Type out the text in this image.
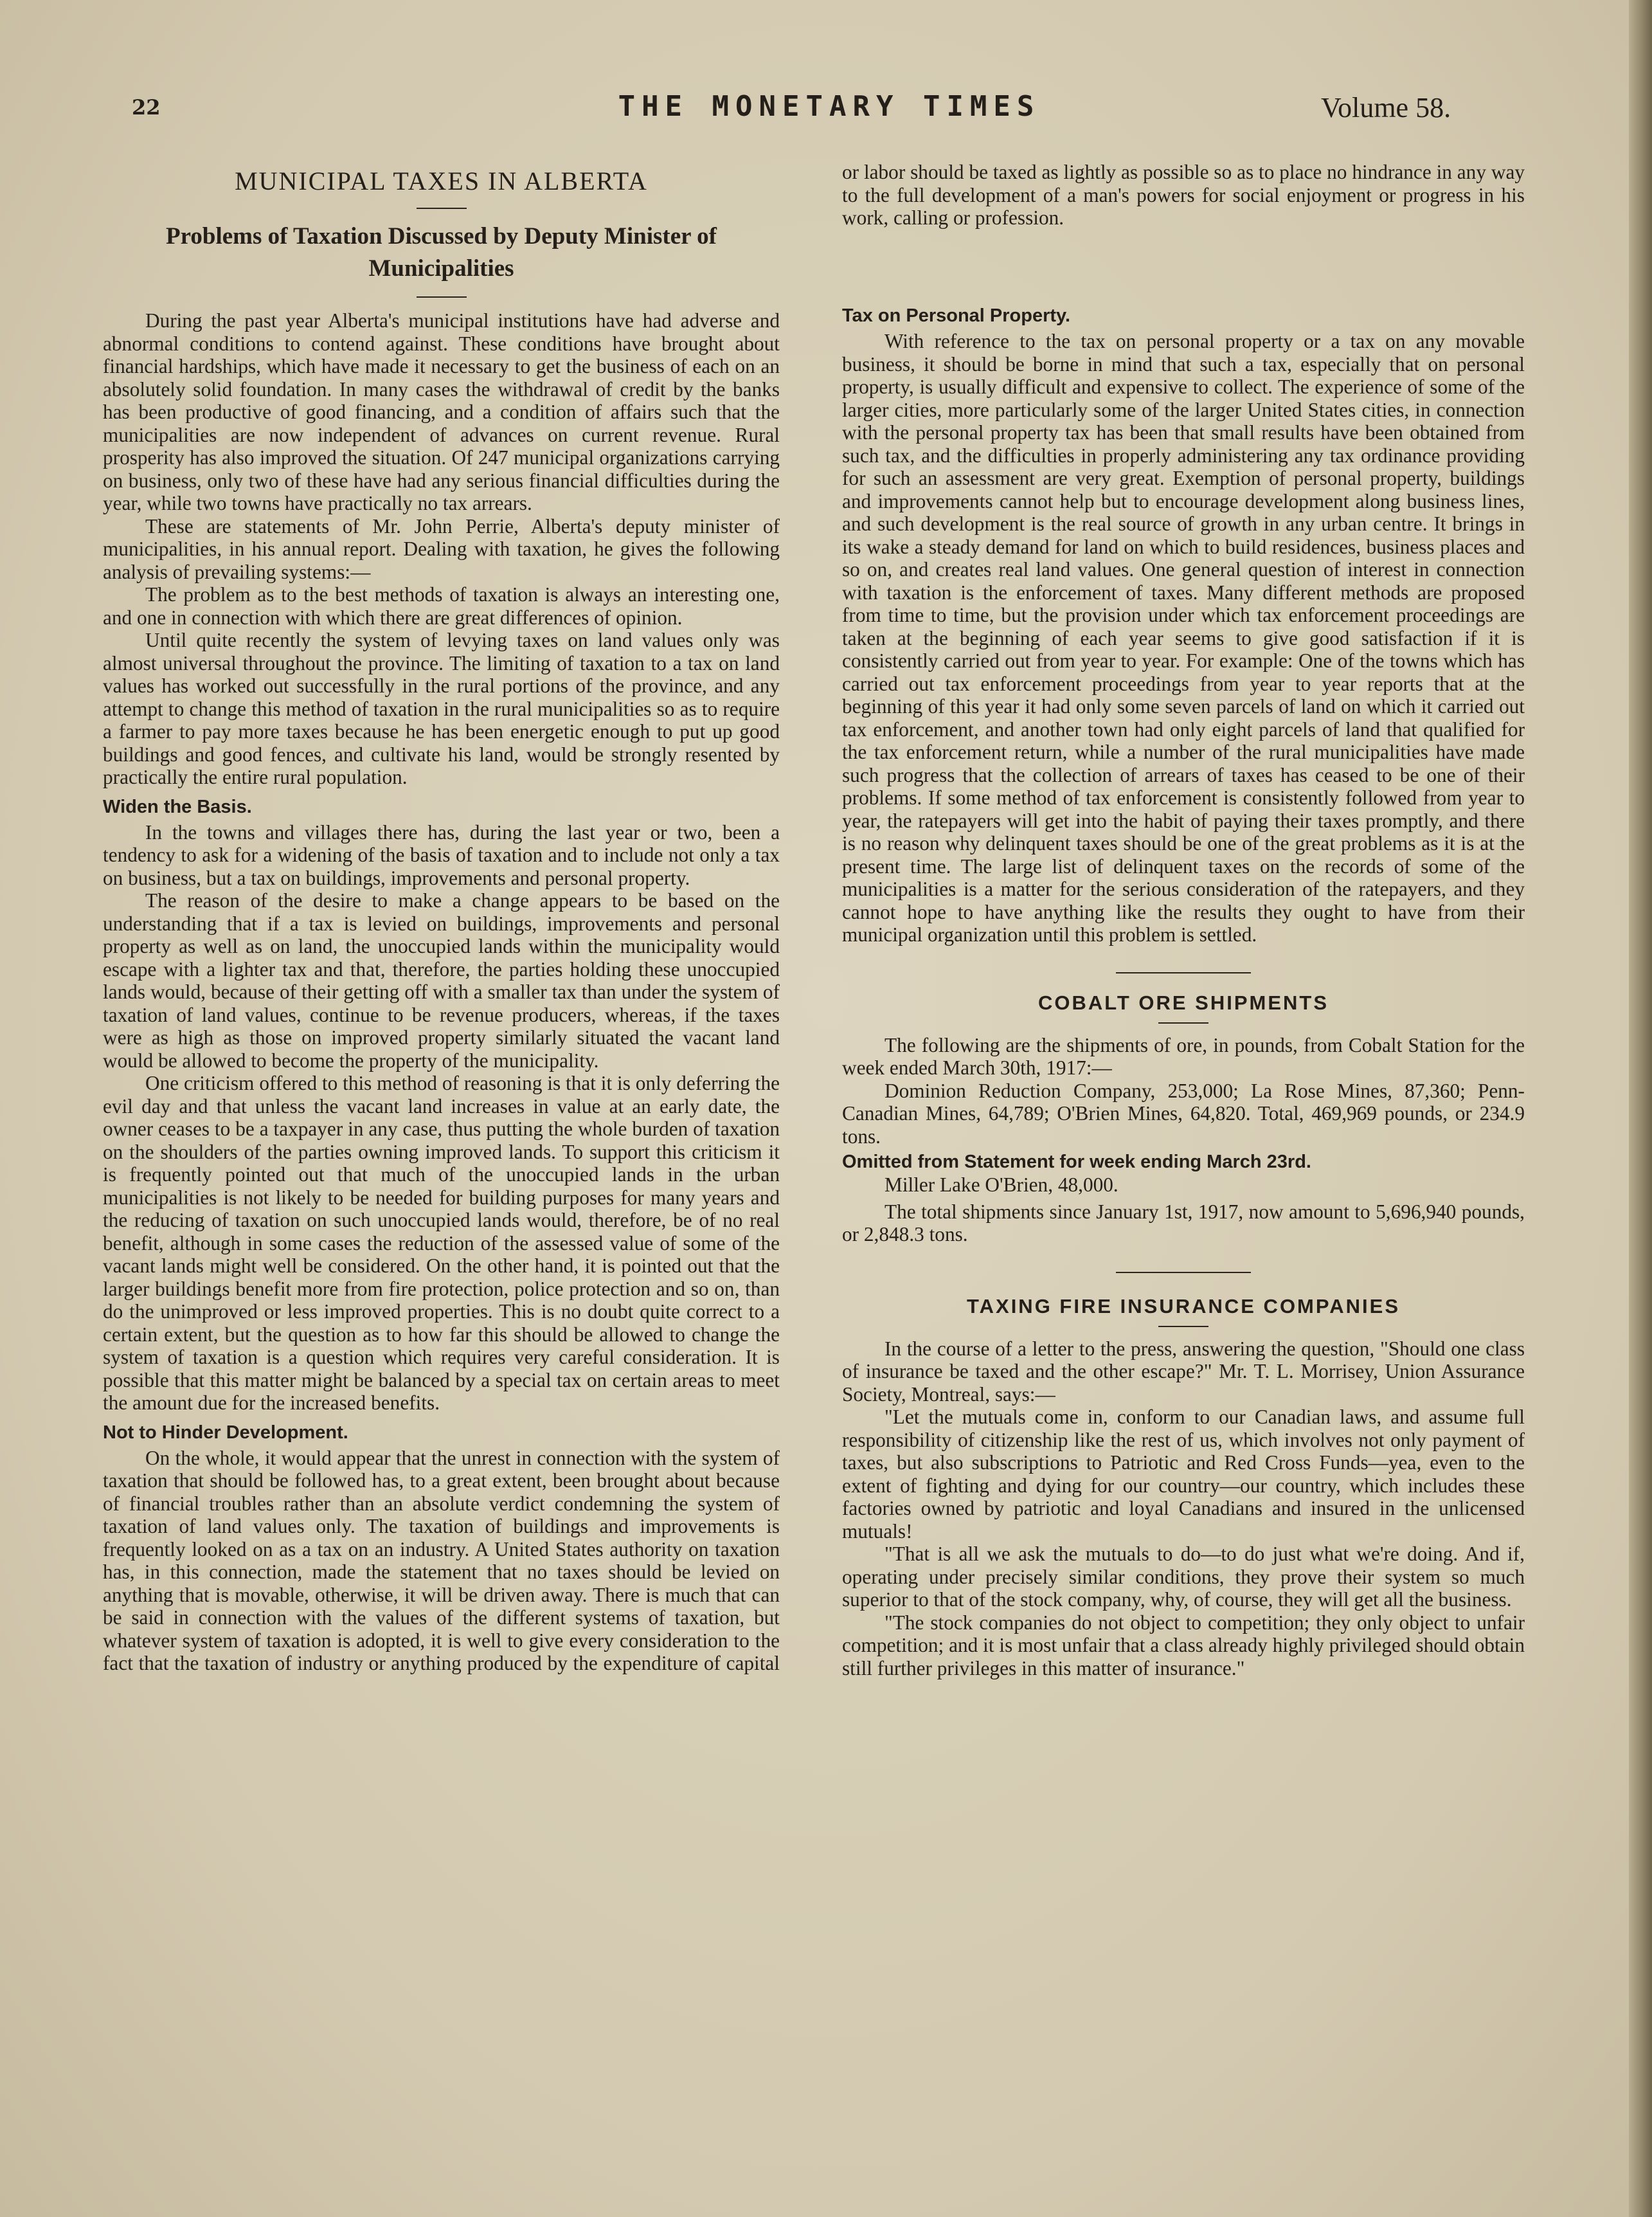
22	THE MONETARY TIMES	Volume 58.
MUNICIPAL TAXES IN ALBERTA
Problems of Taxation Discussed by Deputy Minister of Municipalities

During the past year Alberta's municipal institutions have had adverse and abnormal conditions to contend against. These conditions have brought about financial hardships, which have made it necessary to get the business of each on an absolutely solid foundation. In many cases the withdrawal of credit by the banks has been productive of good financing, and a condition of affairs such that the municipalities are now independent of advances on current revenue. Rural prosperity has also improved the situation. Of 247 municipal organizations carrying on business, only two of these have had any serious financial difficulties during the year, while two towns have practically no tax arrears.

These are statements of Mr. John Perrie, Alberta's deputy minister of municipalities, in his annual report. Dealing with taxation, he gives the following analysis of prevailing systems:—

The problem as to the best methods of taxation is always an interesting one, and one in connection with which there are great differences of opinion.

Until quite recently the system of levying taxes on land values only was almost universal throughout the province. The limiting of taxation to a tax on land values has worked out successfully in the rural portions of the province, and any attempt to change this method of taxation in the rural municipalities so as to require a farmer to pay more taxes because he has been energetic enough to put up good buildings and good fences, and cultivate his land, would be strongly resented by practically the entire rural population.

Widen the Basis.

In the towns and villages there has, during the last year or two, been a tendency to ask for a widening of the basis of taxation and to include not only a tax on business, but a tax on buildings, improvements and personal property.

The reason of the desire to make a change appears to be based on the understanding that if a tax is levied on buildings, improvements and personal property as well as on land, the unoccupied lands within the municipality would escape with a lighter tax and that, therefore, the parties holding these unoccupied lands would, because of their getting off with a smaller tax than under the system of taxation of land values, continue to be revenue producers, whereas, if the taxes were as high as those on improved property similarly situated the vacant land would be allowed to become the property of the municipality.

One criticism offered to this method of reasoning is that it is only deferring the evil day and that unless the vacant land increases in value at an early date, the owner ceases to be a taxpayer in any case, thus putting the whole burden of taxation on the shoulders of the parties owning improved lands. To support this criticism it is frequently pointed out that much of the unoccupied lands in the urban municipalities is not likely to be needed for building purposes for many years and the reducing of taxation on such unoccupied lands would, therefore, be of no real benefit, although in some cases the reduction of the assessed value of some of the vacant lands might well be considered. On the other hand, it is pointed out that the larger buildings benefit more from fire protection, police protection and so on, than do the unimproved or less improved properties. This is no doubt quite correct to a certain extent, but the question as to how far this should be allowed to change the system of taxation is a question which requires very careful consideration. It is possible that this matter might be balanced by a special tax on certain areas to meet the amount due for the increased benefits.

Not to Hinder Development.

On the whole, it would appear that the unrest in connection with the system of taxation that should be followed has, to a great extent, been brought about because of financial troubles rather than an absolute verdict condemning the system of taxation of land values only. The taxation of buildings and improvements is frequently looked on as a tax on an industry. A United States authority on taxation has, in this connection, made the statement that no taxes should be levied on anything that is movable, otherwise, it will be driven away. There is much that can be said in connection with the values of the different systems of taxation, but whatever system of taxation is adopted, it is well to give every consideration to the fact that the taxation of industry or anything produced by the expenditure of capital

or labor should be taxed as lightly as possible so as to place no hindrance in any way to the full development of a man's powers for social enjoyment or progress in his work, calling or profession.

Tax on Personal Property.

With reference to the tax on personal property or a tax on any movable business, it should be borne in mind that such a tax, especially that on personal property, is usually difficult and expensive to collect. The experience of some of the larger cities, more particularly some of the larger United States cities, in connection with the personal property tax has been that small results have been obtained from such tax, and the difficulties in properly administering any tax ordinance providing for such an assessment are very great. Exemption of personal property, buildings and improvements cannot help but to encourage development along business lines, and such development is the real source of growth in any urban centre. It brings in its wake a steady demand for land on which to build residences, business places and so on, and creates real land values. One general question of interest in connection with taxation is the enforcement of taxes. Many different methods are proposed from time to time, but the provision under which tax enforcement proceedings are taken at the beginning of each year seems to give good satisfaction if it is consistently carried out from year to year. For example: One of the towns which has carried out tax enforcement proceedings from year to year reports that at the beginning of this year it had only some seven parcels of land on which it carried out tax enforcement, and another town had only eight parcels of land that qualified for the tax enforcement return, while a number of the rural municipalities have made such progress that the collection of arrears of taxes has ceased to be one of their problems. If some method of tax enforcement is consistently followed from year to year, the ratepayers will get into the habit of paying their taxes promptly, and there is no reason why delinquent taxes should be one of the great problems as it is at the present time. The large list of delinquent taxes on the records of some of the municipalities is a matter for the serious consideration of the ratepayers, and they cannot hope to have anything like the results they ought to have from their municipal organization until this problem is settled.

COBALT ORE SHIPMENTS

The following are the shipments of ore, in pounds, from Cobalt Station for the week ended March 30th, 1917:—

Dominion Reduction Company, 253,000; La Rose Mines, 87,360; Penn-Canadian Mines, 64,789; O'Brien Mines, 64,820. Total, 469,969 pounds, or 234.9 tons.

Omitted from Statement for week ending March 23rd.

Miller Lake O'Brien, 48,000.

The total shipments since January 1st, 1917, now amount to 5,696,940 pounds, or 2,848.3 tons.

TAXING FIRE INSURANCE COMPANIES

In the course of a letter to the press, answering the question, "Should one class of insurance be taxed and the other escape?" Mr. T. L. Morrisey, Union Assurance Society, Montreal, says:—

"Let the mutuals come in, conform to our Canadian laws, and assume full responsibility of citizenship like the rest of us, which involves not only payment of taxes, but also subscriptions to Patriotic and Red Cross Funds—yea, even to the extent of fighting and dying for our country—our country, which includes these factories owned by patriotic and loyal Canadians and insured in the unlicensed mutuals!

"That is all we ask the mutuals to do—to do just what we're doing. And if, operating under precisely similar conditions, they prove their system so much superior to that of the stock company, why, of course, they will get all the business.

"The stock companies do not object to competition; they only object to unfair competition; and it is most unfair that a class already highly privileged should obtain still further privileges in this matter of insurance."
